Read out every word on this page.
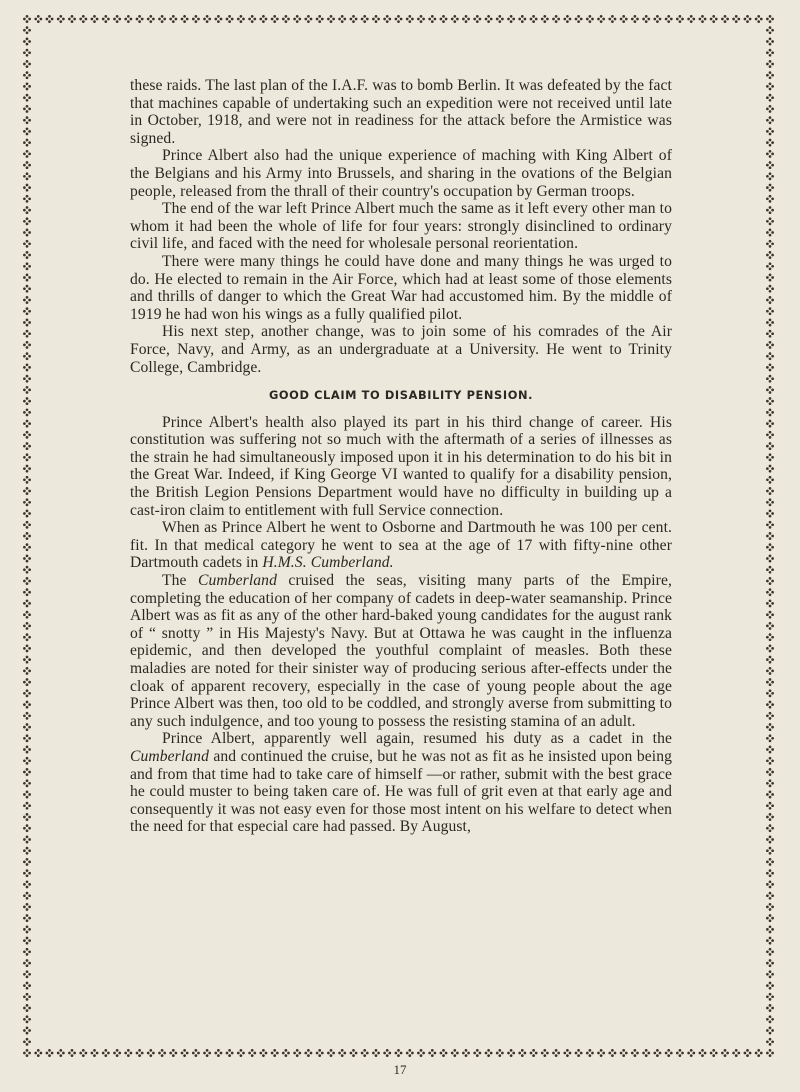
these raids. The last plan of the I.A.F. was to bomb Berlin. It was defeated by the fact that machines capable of undertaking such an expedition were not received until late in October, 1918, and were not in readiness for the attack before the Armistice was signed.

Prince Albert also had the unique experience of maching with King Albert of the Belgians and his Army into Brussels, and sharing in the ovations of the Belgian people, released from the thrall of their country's occupation by German troops.

The end of the war left Prince Albert much the same as it left every other man to whom it had been the whole of life for four years: strongly disinclined to ordinary civil life, and faced with the need for wholesale personal reorientation.

There were many things he could have done and many things he was urged to do. He elected to remain in the Air Force, which had at least some of those elements and thrills of danger to which the Great War had accustomed him. By the middle of 1919 he had won his wings as a fully qualified pilot.

His next step, another change, was to join some of his comrades of the Air Force, Navy, and Army, as an undergraduate at a University. He went to Trinity College, Cambridge.

GOOD CLAIM TO DISABILITY PENSION.

Prince Albert's health also played its part in his third change of career. His constitution was suffering not so much with the aftermath of a series of illnesses as the strain he had simultaneously imposed upon it in his determination to do his bit in the Great War. Indeed, if King George VI wanted to qualify for a disability pension, the British Legion Pensions Department would have no difficulty in building up a cast-iron claim to entitlement with full Service connection.

When as Prince Albert he went to Osborne and Dartmouth he was 100 per cent. fit. In that medical category he went to sea at the age of 17 with fifty-nine other Dartmouth cadets in H.M.S. Cumberland.

The Cumberland cruised the seas, visiting many parts of the Empire, completing the education of her company of cadets in deep-water seamanship. Prince Albert was as fit as any of the other hard-baked young candidates for the august rank of “ snotty ” in His Majesty's Navy. But at Ottawa he was caught in the influenza epidemic, and then developed the youthful complaint of measles. Both these maladies are noted for their sinister way of producing serious after-effects under the cloak of apparent recovery, especially in the case of young people about the age Prince Albert was then, too old to be coddled, and strongly averse from submitting to any such indulgence, and too young to possess the resisting stamina of an adult.

Prince Albert, apparently well again, resumed his duty as a cadet in the Cumberland and continued the cruise, but he was not as fit as he insisted upon being and from that time had to take care of himself —or rather, submit with the best grace he could muster to being taken care of. He was full of grit even at that early age and consequently it was not easy even for those most intent on his welfare to detect when the need for that especial care had passed. By August,

17
